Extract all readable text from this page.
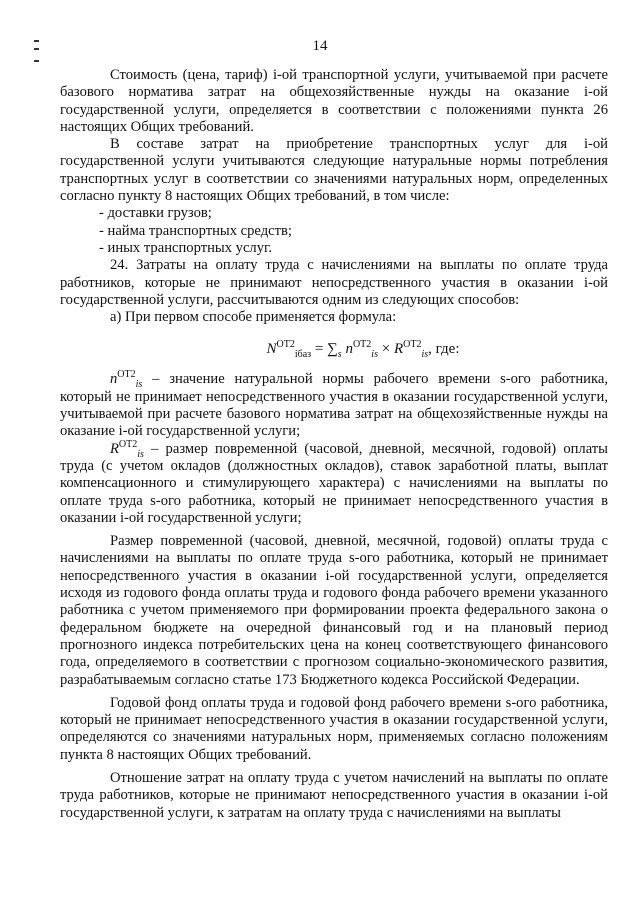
14

Стоимость (цена, тариф) i-ой транспортной услуги, учитываемой при расчете базового норматива затрат на общехозяйственные нужды на оказание i-ой государственной услуги, определяется в соответствии с положениями пункта 26 настоящих Общих требований.

В составе затрат на приобретение транспортных услуг для i-ой государственной услуги учитываются следующие натуральные нормы потребления транспортных услуг в соответствии со значениями натуральных норм, определенных согласно пункту 8 настоящих Общих требований, в том числе:

- доставки грузов;

- найма транспортных средств;

- иных транспортных услуг.

24. Затраты на оплату труда с начислениями на выплаты по оплате труда работников, которые не принимают непосредственного участия в оказании i-ой государственной услуги, рассчитываются одним из следующих способов:

а) При первом способе применяется формула:

$N^{ОТ2}_{iбаз} = \sum_s$ $n^{ОТ2}_{is} \times R^{ОТ2}_{is}$, где:

$n^{ОТ2}_{is}$ – значение натуральной нормы рабочего времени s-ого работника, который не принимает непосредственного участия в оказании государственной услуги, учитываемой при расчете базового норматива затрат на общехозяйственные нужды на оказание i-ой государственной услуги;

$R^{ОТ2}_{is}$ – размер повременной (часовой, дневной, месячной, годовой) оплаты труда (с учетом окладов (должностных окладов), ставок заработной платы, выплат компенсационного и стимулирующего характера) с начислениями на выплаты по оплате труда s-ого работника, который не принимает непосредственного участия в оказании i-ой государственной услуги;

Размер повременной (часовой, дневной, месячной, годовой) оплаты труда с начислениями на выплаты по оплате труда s-ого работника, который не принимает непосредственного участия в оказании i-ой государственной услуги, определяется исходя из годового фонда оплаты труда и годового фонда рабочего времени указанного работника с учетом применяемого при формировании проекта федерального закона о федеральном бюджете на очередной финансовый год и на плановый период прогнозного индекса потребительских цена на конец соответствующего финансового года, определяемого в соответствии с прогнозом социально-экономического развития, разрабатываемым согласно статье 173 Бюджетного кодекса Российской Федерации.

Годовой фонд оплаты труда и годовой фонд рабочего времени s-ого работника, который не принимает непосредственного участия в оказании государственной услуги, определяются со значениями натуральных норм, применяемых согласно положениям пункта 8 настоящих Общих требований.

Отношение затрат на оплату труда с учетом начислений на выплаты по оплате труда работников, которые не принимают непосредственного участия в оказании i-ой государственной услуги, к затратам на оплату труда с начислениями на выплаты
